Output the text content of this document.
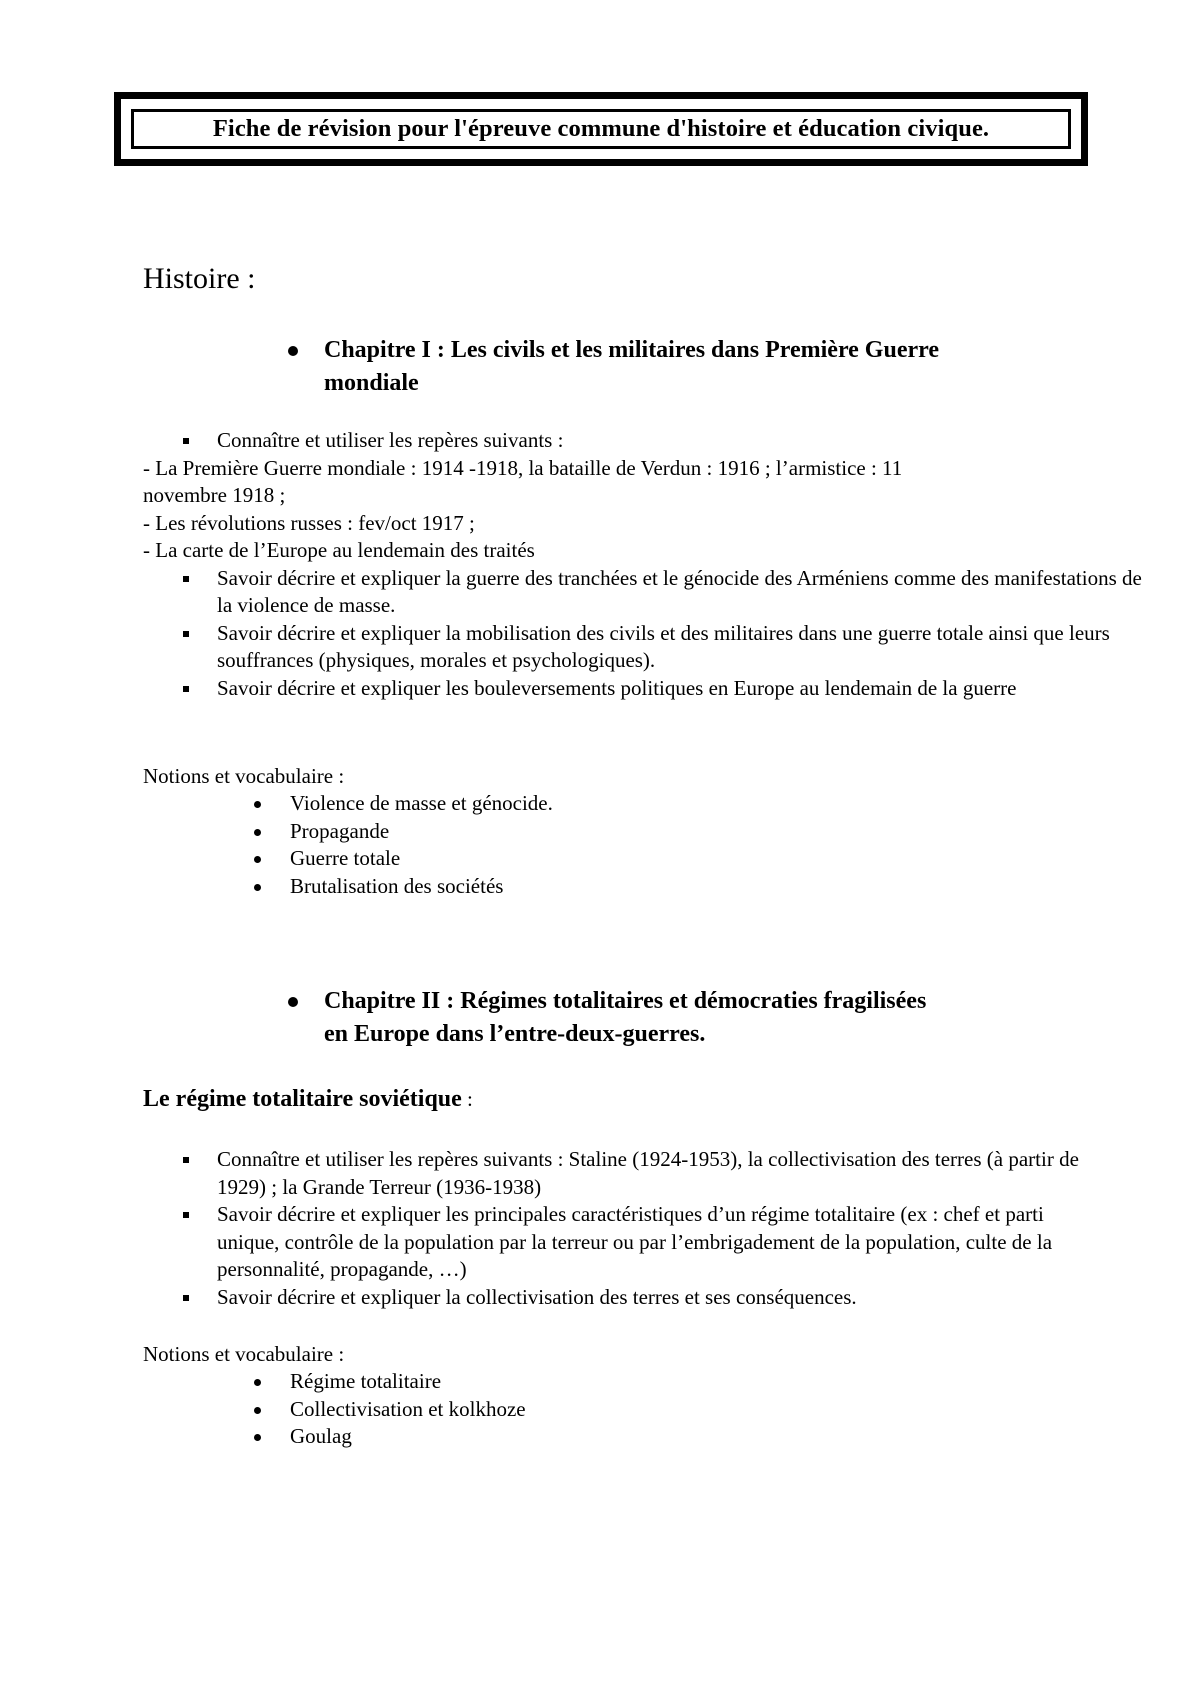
Fiche de révision pour l'épreuve commune d'histoire et éducation civique.
Histoire :
Chapitre I : Les civils et les militaires dans Première Guerre
mondiale
Connaître et utiliser les repères suivants :
- La Première Guerre mondiale : 1914 -1918, la bataille de Verdun : 1916 ; l’armistice : 11
novembre 1918 ;
- Les révolutions russes : fev/oct 1917 ;
- La carte de l’Europe au lendemain des traités
Savoir décrire et expliquer la guerre des tranchées et le génocide des Arméniens comme des manifestations de la violence de masse.
Savoir décrire et expliquer la mobilisation des civils et des militaires dans une guerre totale ainsi que leurs souffrances (physiques, morales et psychologiques).
Savoir décrire et expliquer les bouleversements politiques en Europe au lendemain de la guerre
Notions et vocabulaire :
Violence de masse et génocide.
Propagande
Guerre totale
Brutalisation des sociétés
Chapitre II : Régimes totalitaires et démocraties fragilisées
en Europe dans l’entre-deux-guerres.
Le régime totalitaire soviétique :
Connaître et utiliser les repères suivants : Staline (1924-1953), la collectivisation des terres (à partir de 1929) ; la Grande Terreur (1936-1938)
Savoir décrire et expliquer les principales caractéristiques d’un régime totalitaire (ex : chef et parti unique, contrôle de la population par la terreur ou par l’embrigadement de la population, culte de la personnalité, propagande, …)
Savoir décrire et expliquer la collectivisation des terres et ses conséquences.
Notions et vocabulaire :
Régime totalitaire
Collectivisation et kolkhoze
Goulag
